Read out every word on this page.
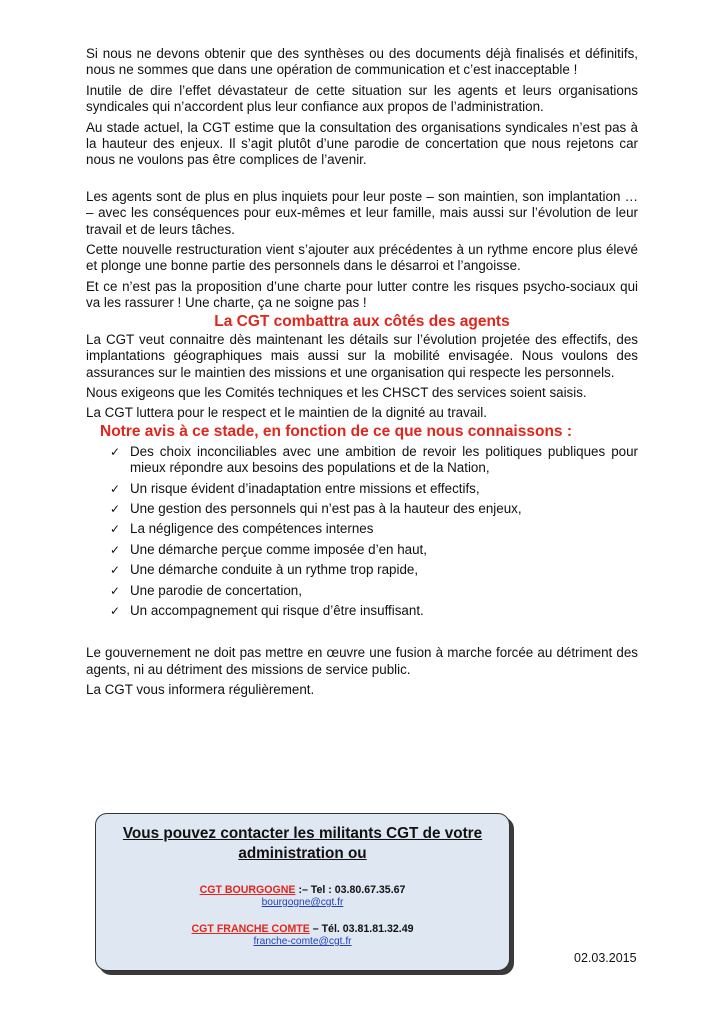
Si nous ne devons obtenir que des synthèses ou des documents déjà finalisés et définitifs, nous ne sommes que dans une opération de communication et c’est inacceptable !

Inutile de dire l’effet dévastateur de cette situation sur les agents et leurs organisations syndicales qui n’accordent plus leur confiance aux propos de l’administration.

Au stade actuel, la CGT estime que la consultation des organisations syndicales n’est pas à la hauteur des enjeux. Il s’agit plutôt d’une parodie de concertation que nous rejetons car nous ne voulons pas être complices de l’avenir.

Les agents sont de plus en plus inquiets pour leur poste – son maintien, son implantation … – avec les conséquences pour eux-mêmes et leur famille, mais aussi sur l’évolution de leur travail et de leurs tâches.

Cette nouvelle restructuration vient s’ajouter aux précédentes à un rythme encore plus élevé et plonge une bonne partie des personnels dans le désarroi et l’angoisse.

Et ce n’est pas la proposition d’une charte pour lutter contre les risques psycho-sociaux qui va les rassurer ! Une charte, ça ne soigne pas !

La CGT combattra aux côtés des agents

La CGT veut connaitre dès maintenant les détails sur l’évolution projetée des effectifs, des implantations géographiques mais aussi sur la mobilité envisagée. Nous voulons des assurances sur le maintien des missions et une organisation qui respecte les personnels.

Nous exigeons que les Comités techniques et les CHSCT des services soient saisis.

La CGT luttera pour le respect et le maintien de la dignité au travail.

Notre avis à ce stade, en fonction de ce que nous connaissons :
✓ Des choix inconciliables avec une ambition de revoir les politiques publiques pour mieux répondre aux besoins des populations et de la Nation,
✓ Un risque évident d’inadaptation entre missions et effectifs,
✓ Une gestion des personnels qui n’est pas à la hauteur des enjeux,
✓ La négligence des compétences internes
✓ Une démarche perçue comme imposée d’en haut,
✓ Une démarche conduite à un rythme trop rapide,
✓ Une parodie de concertation,
✓ Un accompagnement qui risque d’être insuffisant.

Le gouvernement ne doit pas mettre en œuvre une fusion à marche forcée au détriment des agents, ni au détriment des missions de service public.

La CGT vous informera régulièrement.

Vous pouvez contacter les militants CGT de votre administration ou
CGT BOURGOGNE :– Tel : 03.80.67.35.67
bourgogne@cgt.fr
CGT FRANCHE COMTE – Tél. 03.81.81.32.49
franche-comte@cgt.fr
02.03.2015
